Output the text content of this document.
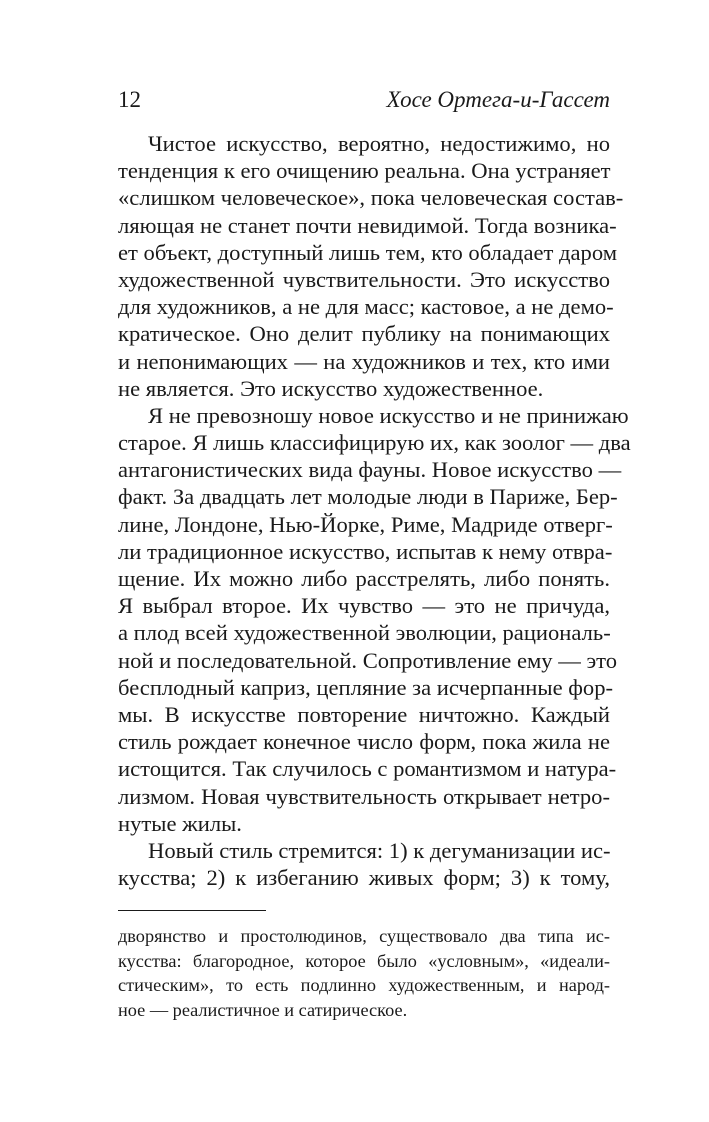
12	Хосе Ортега-и-Гассет
Чистое искусство, вероятно, недостижимо, но
тенденция к его очищению реальна. Она устраняет
«слишком человеческое», пока человеческая состав-
ляющая не станет почти невидимой. Тогда возника-
ет объект, доступный лишь тем, кто обладает даром
художественной чувствительности. Это искусство
для художников, а не для масс; кастовое, а не демо-
кратическое. Оно делит публику на понимающих
и непонимающих — на художников и тех, кто ими
не является. Это искусство художественное.
Я не превозношу новое искусство и не принижаю
старое. Я лишь классифицирую их, как зоолог — два
антагонистических вида фауны. Новое искусство —
факт. За двадцать лет молодые люди в Париже, Бер-
лине, Лондоне, Нью-Йорке, Риме, Мадриде отверг-
ли традиционное искусство, испытав к нему отвра-
щение. Их можно либо расстрелять, либо понять.
Я выбрал второе. Их чувство — это не причуда,
а плод всей художественной эволюции, рациональ-
ной и последовательной. Сопротивление ему — это
бесплодный каприз, цепляние за исчерпанные фор-
мы. В искусстве повторение ничтожно. Каждый
стиль рождает конечное число форм, пока жила не
истощится. Так случилось с романтизмом и натура-
лизмом. Новая чувствительность открывает нетро-
нутые жилы.
Новый стиль стремится: 1) к дегуманизации ис-
кусства; 2) к избеганию живых форм; 3) к тому,
дворянство и простолюдинов, существовало два типа ис-
кусства: благородное, которое было «условным», «идеали-
стическим», то есть подлинно художественным, и народ-
ное — реалистичное и сатирическое.
